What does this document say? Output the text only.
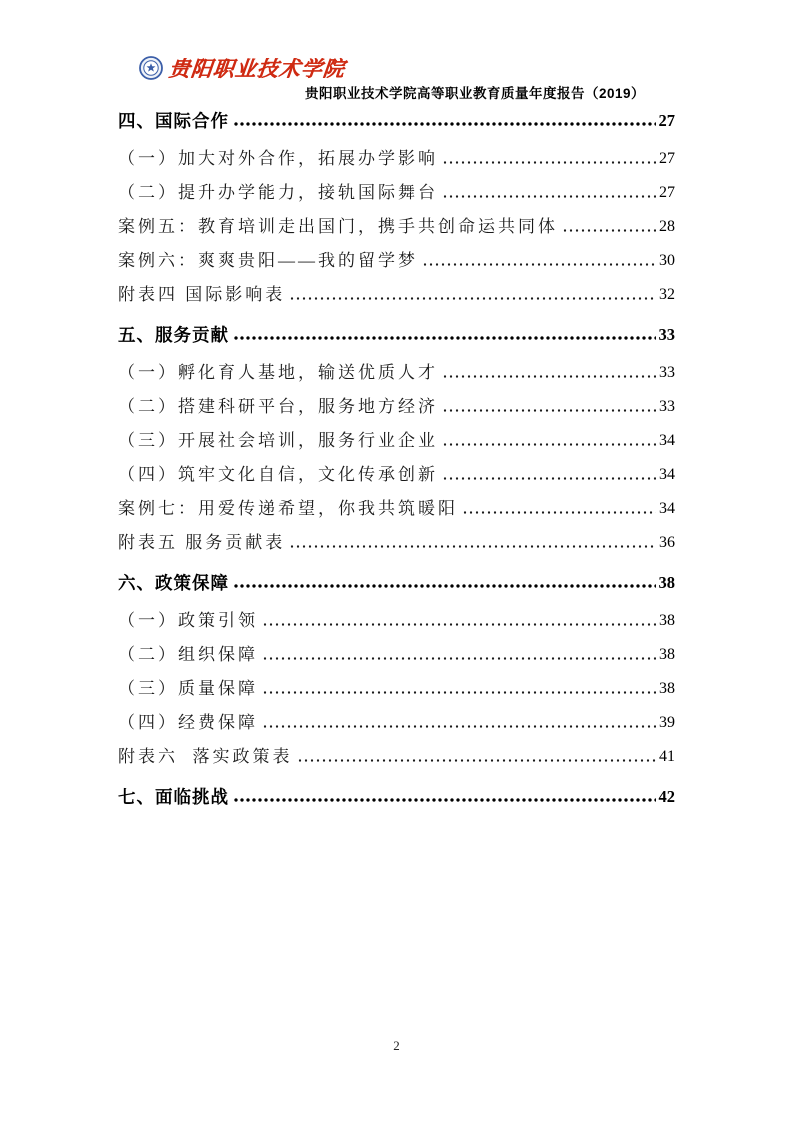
贵阳职业技术学院
贵阳职业技术学院高等职业教育质量年度报告（2019）
四、国际合作	27
（一）加大对外合作，拓展办学影响	27
（二）提升办学能力，接轨国际舞台	27
案例五：教育培训走出国门，携手共创命运共同体	28
案例六：爽爽贵阳——我的留学梦	30
附表四 国际影响表	32
五、服务贡献	33
（一）孵化育人基地，输送优质人才	33
（二）搭建科研平台，服务地方经济	33
（三）开展社会培训，服务行业企业	34
（四）筑牢文化自信，文化传承创新	34
案例七：用爱传递希望，你我共筑暖阳	34
附表五 服务贡献表	36
六、政策保障	38
（一）政策引领	38
（二）组织保障	38
（三）质量保障	38
（四）经费保障	39
附表六  落实政策表	41
七、面临挑战	42
2
